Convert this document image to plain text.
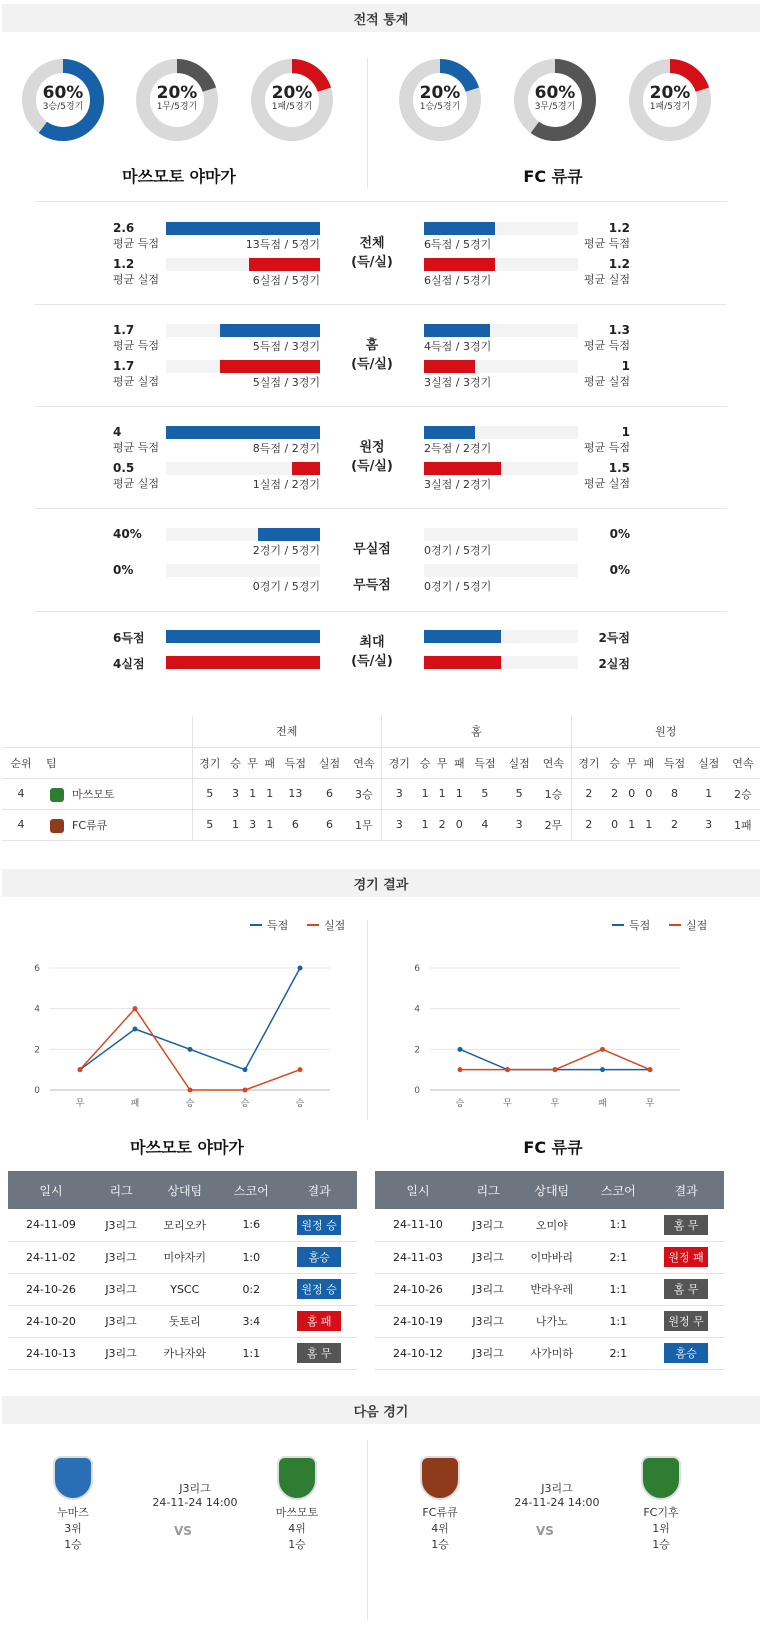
전적 통계
60%
3승/5경기
20%
1무/5경기
20%
1패/5경기
20%
1승/5경기
60%
3무/5경기
20%
1패/5경기
마쓰모토 야마가	FC 류큐
2.6
평균 득점	13득점 / 5경기
1.2
평균 득점
6득점 / 5경기
1.2
평균 실점	6실점 / 5경기
1.2
평균 실점
6실점 / 5경기
전체
(득/실)
1.7
평균 득점	5득점 / 3경기
1.3
평균 득점
4득점 / 3경기
1.7
평균 실점	5실점 / 3경기
1
평균 실점
3실점 / 3경기
홈
(득/실)
4
평균 득점	8득점 / 2경기
1
평균 득점
2득점 / 2경기
0.5
평균 실점	1실점 / 2경기
1.5
평균 실점
3실점 / 2경기
원정
(득/실)
40%
2경기 / 5경기
0%
0경기 / 5경기
무실점
0%
0경기 / 5경기
0%
0경기 / 5경기
무득점
6득점
4실점
2득점
2실점
최대
(득/실)
		전체							홈							원정						
순위	팀	경기	승	무	패	득점	실점	연속	경기	승	무	패	득점	실점	연속	경기	승	무	패	득점	실점	연속
4	마쓰모토	5	3	1	1	13	6	3승	3	1	1	1	5	5	1승	2	2	0	0	8	1	2승
4	FC류큐	5	1	3	1	6	6	1무	3	1	2	0	4	3	2무	2	0	1	1	2	3	1패
경기 결과
득점	실점
0
2
4
6
무	패	승	승	승
득점	실점
0
2
4
6
승	무	무	패	무
마쓰모토 야마가	FC 류큐
일시	리그	상대팀	스코어	결과
24-11-09	J3리그	모리오카	1:6	원정 승
24-11-02	J3리그	미야자키	1:0	홈승
24-10-26	J3리그	YSCC	0:2	원정 승
24-10-20	J3리그	돗토리	3:4	홈 패
24-10-13	J3리그	카나자와	1:1	홈 무
일시	리그	상대팀	스코어	결과
24-11-10	J3리그	오미야	1:1	홈 무
24-11-03	J3리그	이마바리	2:1	원정 패
24-10-26	J3리그	반라우레	1:1	홈 무
24-10-19	J3리그	나가노	1:1	원정 무
24-10-12	J3리그	사가미하	2:1	홈승
다음 경기
누마즈
3위
1승
마쓰모토
4위
1승
J3리그
24-11-24 14:00
VS
FC류큐
4위
1승
FC기후
1위
1승
J3리그
24-11-24 14:00
VS
